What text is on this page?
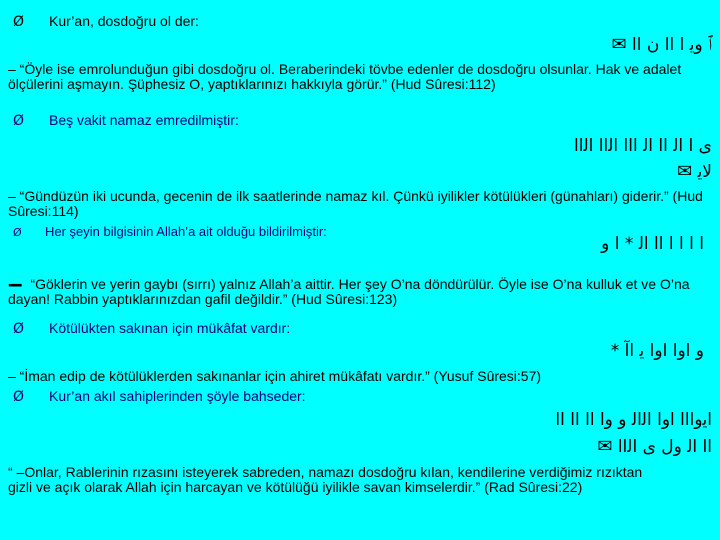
Ø Kur’an, dosdoğru ol der:
ﭐ ﻭﻳ ﺍ ﺍﺍ ﻥ ﺍﺍ ✉

– “Öyle ise emrolunduğun gibi dosdoğru ol. Beraberindeki tövbe edenler de dosdoğru olsunlar. Hak ve adalet ölçülerini aşmayın. Şüphesiz O, yaptıklarınızı hakkıyla görür.” (Hud Sûresi:112)

Ø Beş vakit namaz emredilmiştir:
ﻯ ﺍ ﺍﻟ ﺍﺍ ﺍﻟ ﺍﺍﺍ ﺍﻟﺍﺍ ﺍﻟﺍﺍ
ﻟﺎﻳ ✉

– “Gündüzün iki ucunda, gecenin de ilk saatlerinde namaz kıl. Çünkü iyilikler kötülükleri (günahları) giderir.” (Hud Sûresi:114)

Ø Her şeyin bilgisinin Allah’a ait olduğu bildirilmiştir:
ﺍ ﺍ ﺍ ﺍ ﺍﺍ ﺍﻟ * ﺍ ﻭ

– “Göklerin ve yerin gaybı (sırrı) yalnız Allah’a aittir. Her şey O’na döndürülür. Öyle ise O’na kulluk et ve O’na dayan! Rabbin yaptıklarınızdan gafil değildir.” (Hud Sûresi:123)

Ø Kötülükten sakınan için mükâfat vardır:
ﻭ ﺍﻭﺍ ﺍﻭﺍ ﻳ ﺍﺁ *

– “İman edip de kötülüklerden sakınanlar için ahiret mükâfatı vardır.” (Yusuf Sûresi:57)

Ø Kur’an akıl sahiplerinden şöyle bahseder:
ﺍﻳﻭﺍﺍﺍ ﺍﻭﺍ ﺍﻟﺍﻟ ﻭ ﻭﺍ ﺍﺍ ﺍﺍ ﺍﺍ
ﺍﺍ ﺍﻟ ﻭﻝ ﻯ ﺍﻟﺍﺍ ✉

“ –Onlar, Rablerinin rızasını isteyerek sabreden, namazı dosdoğru kılan, kendilerine verdiğimiz rızıktan gizli ve açık olarak Allah için harcayan ve kötülüğü iyilikle savan kimselerdir.” (Rad Sûresi:22)
